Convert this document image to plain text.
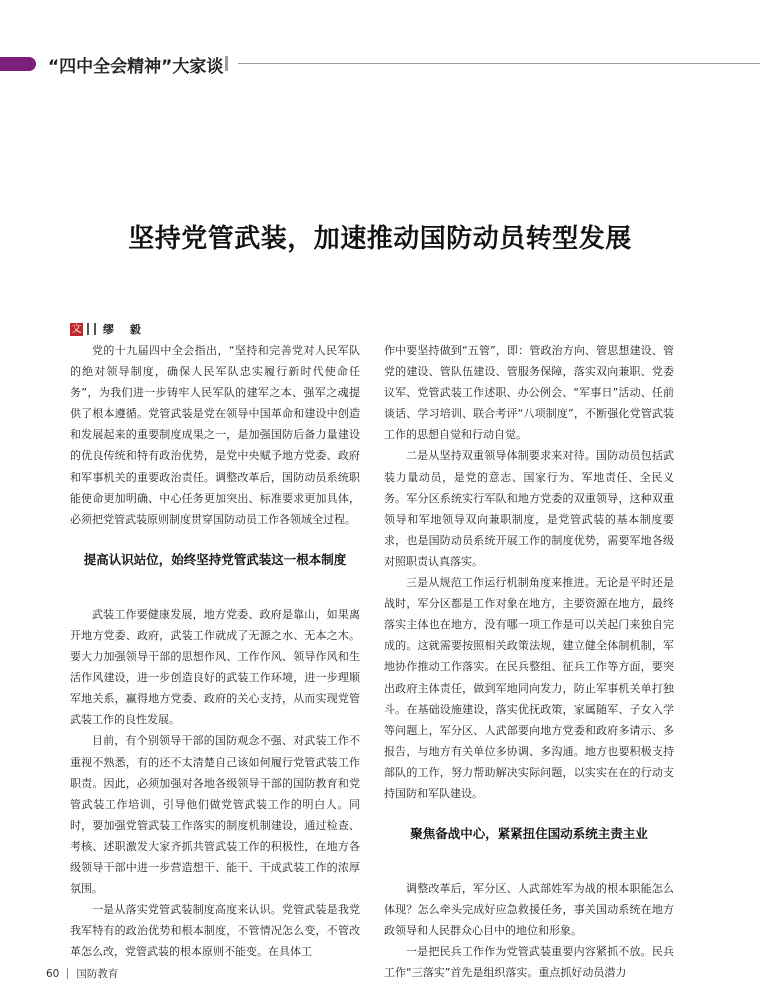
“四中全会精神”大家谈
坚持党管武装，加速推动国防动员转型发展
文 缪 毅

党的十九届四中全会指出，“坚持和完善党对人民军队的绝对领导制度，确保人民军队忠实履行新时代使命任务”，为我们进一步铸牢人民军队的建军之本、强军之魂提供了根本遵循。党管武装是党在领导中国革命和建设中创造和发展起来的重要制度成果之一，是加强国防后备力量建设的优良传统和特有政治优势，是党中央赋予地方党委、政府和军事机关的重要政治责任。调整改革后，国防动员系统职能使命更加明确、中心任务更加突出、标准要求更加具体，必须把党管武装原则制度贯穿国防动员工作各领域全过程。

提高认识站位，始终坚持党管武装这一根本制度

武装工作要健康发展，地方党委、政府是靠山，如果离开地方党委、政府，武装工作就成了无源之水、无本之木。要大力加强领导干部的思想作风、工作作风、领导作风和生活作风建设，进一步创造良好的武装工作环境，进一步理顺军地关系，赢得地方党委、政府的关心支持，从而实现党管武装工作的良性发展。

目前，有个别领导干部的国防观念不强、对武装工作不重视不熟悉，有的还不太清楚自己该如何履行党管武装工作职责。因此，必须加强对各地各级领导干部的国防教育和党管武装工作培训，引导他们做党管武装工作的明白人。同时，要加强党管武装工作落实的制度机制建设，通过检查、考核、述职激发大家齐抓共管武装工作的积极性，在地方各级领导干部中进一步营造想干、能干、干成武装工作的浓厚氛围。

一是从落实党管武装制度高度来认识。党管武装是我党我军特有的政治优势和根本制度，不管情况怎么变，不管改革怎么改，党管武装的根本原则不能变。在具体工

作中要坚持做到“五管”，即：管政治方向、管思想建设、管党的建设、管队伍建设、管服务保障，落实双向兼职、党委议军、党管武装工作述职、办公例会、“军事日”活动、任前谈话、学习培训、联合考评“八项制度”，不断强化党管武装工作的思想自觉和行动自觉。

二是从坚持双重领导体制要求来对待。国防动员包括武装力量动员，是党的意志、国家行为、军地责任、全民义务。军分区系统实行军队和地方党委的双重领导，这种双重领导和军地领导双向兼职制度，是党管武装的基本制度要求，也是国防动员系统开展工作的制度优势，需要军地各级对照职责认真落实。

三是从规范工作运行机制角度来推进。无论是平时还是战时，军分区都是工作对象在地方，主要资源在地方，最终落实主体也在地方，没有哪一项工作是可以关起门来独自完成的。这就需要按照相关政策法规，建立健全体制机制，军地协作推动工作落实。在民兵整组、征兵工作等方面，要突出政府主体责任，做到军地同向发力，防止军事机关单打独斗。在基础设施建设，落实优抚政策，家属随军、子女入学等问题上，军分区、人武部要向地方党委和政府多请示、多报告，与地方有关单位多协调、多沟通。地方也要积极支持部队的工作，努力帮助解决实际问题，以实实在在的行动支持国防和军队建设。

聚焦备战中心，紧紧扭住国动系统主责主业

调整改革后，军分区、人武部姓军为战的根本职能怎么体现？怎么牵头完成好应急救援任务，事关国动系统在地方政领导和人民群众心目中的地位和形象。

一是把民兵工作作为党管武装重要内容紧抓不放。民兵工作“三落实”首先是组织落实。重点抓好动员潜力

60 国防教育
